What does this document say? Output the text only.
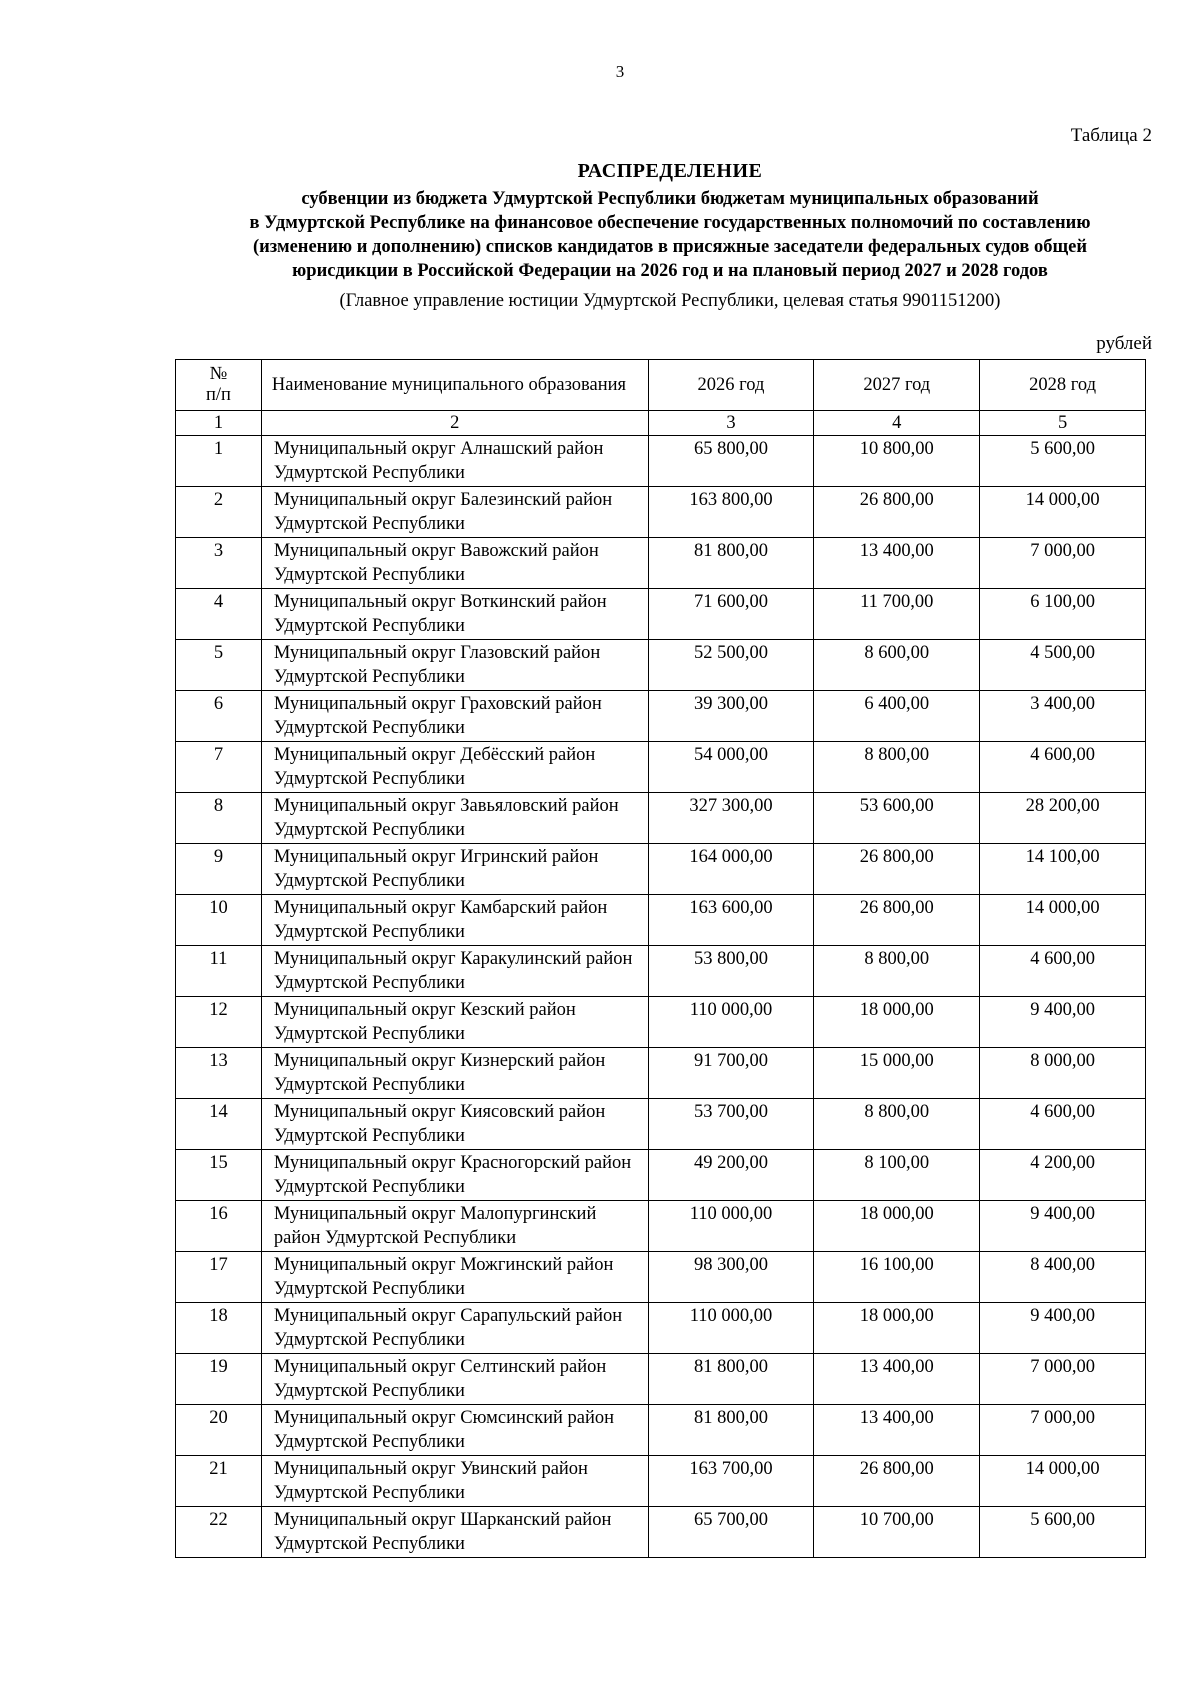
3
Таблица 2
РАСПРЕДЕЛЕНИЕ
субвенции из бюджета Удмуртской Республики бюджетам муниципальных образований
в Удмуртской Республике на финансовое обеспечение государственных полномочий по составлению
(изменению и дополнению) списков кандидатов в присяжные заседатели федеральных судов общей
юрисдикции в Российской Федерации на 2026 год и на плановый период 2027 и 2028 годов
(Главное управление юстиции Удмуртской Республики, целевая статья 9901151200)
рублей
№
п/п	Наименование муниципального образования	2026 год	2027 год	2028 год
1	2	3	4	5
1	Муниципальный округ Алнашский район Удмуртской Республики	65 800,00	10 800,00	5 600,00
2	Муниципальный округ Балезинский район Удмуртской Республики	163 800,00	26 800,00	14 000,00
3	Муниципальный округ Вавожский район Удмуртской Республики	81 800,00	13 400,00	7 000,00
4	Муниципальный округ Воткинский район Удмуртской Республики	71 600,00	11 700,00	6 100,00
5	Муниципальный округ Глазовский район Удмуртской Республики	52 500,00	8 600,00	4 500,00
6	Муниципальный округ Граховский район Удмуртской Республики	39 300,00	6 400,00	3 400,00
7	Муниципальный округ Дебёсский район Удмуртской Республики	54 000,00	8 800,00	4 600,00
8	Муниципальный округ Завьяловский район Удмуртской Республики	327 300,00	53 600,00	28 200,00
9	Муниципальный округ Игринский район Удмуртской Республики	164 000,00	26 800,00	14 100,00
10	Муниципальный округ Камбарский район Удмуртской Республики	163 600,00	26 800,00	14 000,00
11	Муниципальный округ Каракулинский район Удмуртской Республики	53 800,00	8 800,00	4 600,00
12	Муниципальный округ Кезский район Удмуртской Республики	110 000,00	18 000,00	9 400,00
13	Муниципальный округ Кизнерский район Удмуртской Республики	91 700,00	15 000,00	8 000,00
14	Муниципальный округ Киясовский район Удмуртской Республики	53 700,00	8 800,00	4 600,00
15	Муниципальный округ Красногорский район Удмуртской Республики	49 200,00	8 100,00	4 200,00
16	Муниципальный округ Малопургинский район Удмуртской Республики	110 000,00	18 000,00	9 400,00
17	Муниципальный округ Можгинский район Удмуртской Республики	98 300,00	16 100,00	8 400,00
18	Муниципальный округ Сарапульский район Удмуртской Республики	110 000,00	18 000,00	9 400,00
19	Муниципальный округ Селтинский район Удмуртской Республики	81 800,00	13 400,00	7 000,00
20	Муниципальный округ Сюмсинский район Удмуртской Республики	81 800,00	13 400,00	7 000,00
21	Муниципальный округ Увинский район Удмуртской Республики	163 700,00	26 800,00	14 000,00
22	Муниципальный округ Шарканский район Удмуртской Республики	65 700,00	10 700,00	5 600,00
